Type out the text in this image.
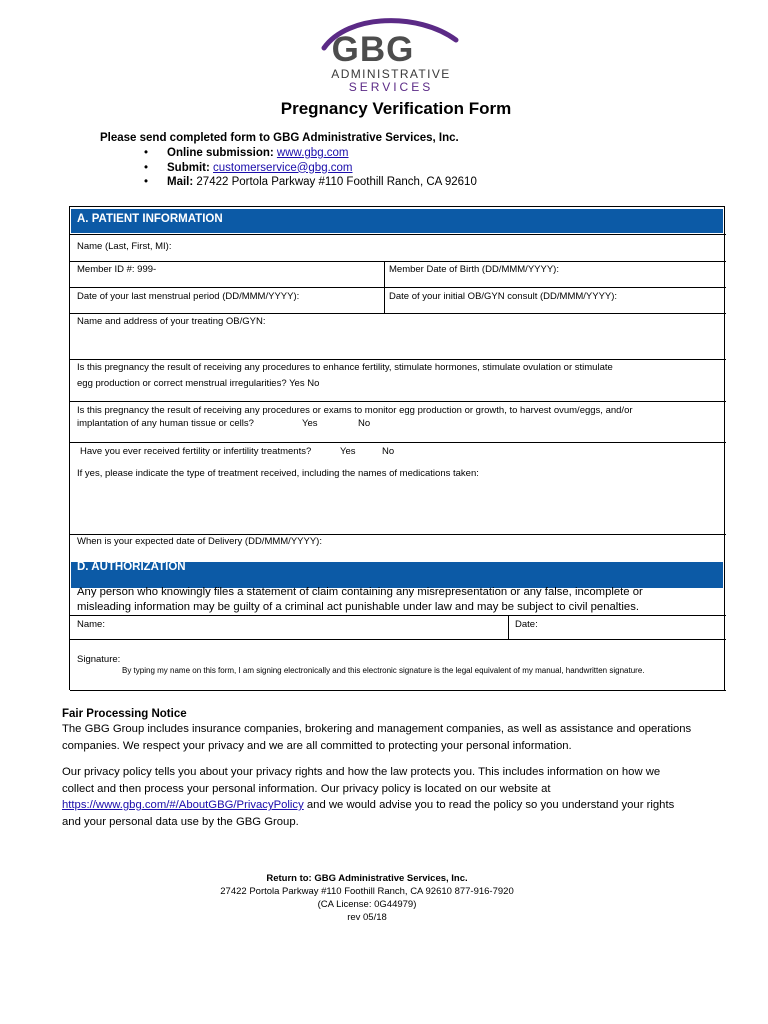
GBG
ADMINISTRATIVE
SERVICES
Pregnancy Verification Form
Please send completed form to GBG Administrative Services, Inc.
• Online submission: www.gbg.com
• Submit: customerservice@gbg.com
• Mail: 27422 Portola Parkway #110 Foothill Ranch, CA 92610
A. PATIENT INFORMATION
Name (Last, First, MI):
Member ID #: 999-	Member Date of Birth (DD/MMM/YYYY):
Date of your last menstrual period (DD/MMM/YYYY):	Date of your initial OB/GYN consult (DD/MMM/YYYY):
Name and address of your treating OB/GYN:
Is this pregnancy the result of receiving any procedures to enhance fertility, stimulate hormones, stimulate ovulation or stimulate
egg production or correct menstrual irregularities? Yes No
Is this pregnancy the result of receiving any procedures or exams to monitor egg production or growth, to harvest ovum/eggs, and/or
implantation of any human tissue or cells?	Yes	No
Have you ever received fertility or infertility treatments?	Yes	No
If yes, please indicate the type of treatment received, including the names of medications taken:
When is your expected date of Delivery (DD/MMM/YYYY):
D. AUTHORIZATION
Any person who knowingly files a statement of claim containing any misrepresentation or any false, incomplete or
misleading information may be guilty of a criminal act punishable under law and may be subject to civil penalties.
Name:	Date:
Signature:
By typing my name on this form, I am signing electronically and this electronic signature is the legal equivalent of my manual, handwritten signature.
Fair Processing Notice
The GBG Group includes insurance companies, brokering and management companies, as well as assistance and operations
companies. We respect your privacy and we are all committed to protecting your personal information.
Our privacy policy tells you about your privacy rights and how the law protects you. This includes information on how we
collect and then process your personal information. Our privacy policy is located on our website at
https://www.gbg.com/#/AboutGBG/PrivacyPolicy and we would advise you to read the policy so you understand your rights
and your personal data use by the GBG Group.
Return to: GBG Administrative Services, Inc.
27422 Portola Parkway #110 Foothill Ranch, CA 92610 877-916-7920
(CA License: 0G44979)
rev 05/18
